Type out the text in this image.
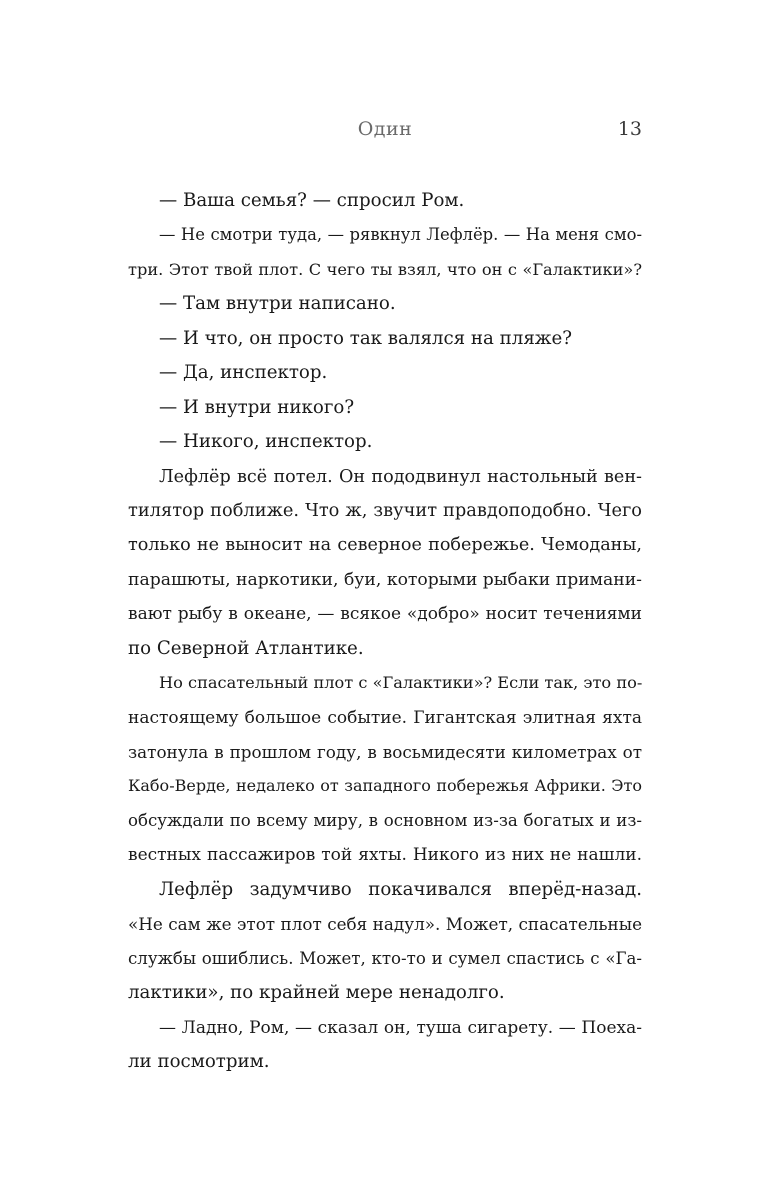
Один	13
— Ваша семья? — спросил Ром.
— Не смотри туда, — рявкнул Лефлёр. — На меня смо-
три. Этот твой плот. С чего ты взял, что он с «Галактики»?
— Там внутри написано.
— И что, он просто так валялся на пляже?
— Да, инспектор.
— И внутри никого?
— Никого, инспектор.
Лефлёр всё потел. Он пододвинул настольный вен-
тилятор поближе. Что ж, звучит правдоподобно. Чего
только не выносит на северное побережье. Чемоданы,
парашюты, наркотики, буи, которыми рыбаки примани-
вают рыбу в океане, — всякое «добро» носит течениями
по Северной Атлантике.
Но спасательный плот с «Галактики»? Если так, это по-
настоящему большое событие. Гигантская элитная яхта
затонула в прошлом году, в восьмидесяти километрах от
Кабо-Верде, недалеко от западного побережья Африки. Это
обсуждали по всему миру, в основном из-за богатых и из-
вестных пассажиров той яхты. Никого из них не нашли.
Лефлёр задумчиво покачивался вперёд-назад.
«Не сам же этот плот себя надул». Может, спасательные
службы ошиблись. Может, кто-то и сумел спастись с «Га-
лактики», по крайней мере ненадолго.
— Ладно, Ром, — сказал он, туша сигарету. — Поеха-
ли посмотрим.
